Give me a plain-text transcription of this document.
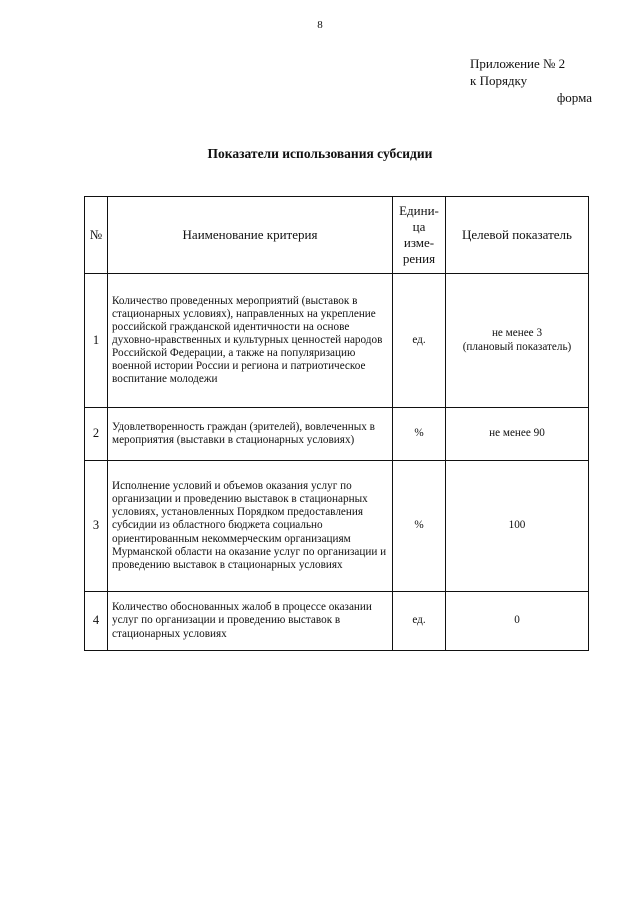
8
Приложение № 2
к Порядку
форма
Показатели использования субсидии
№	Наименование критерия	Едини-
ца
изме-
рения	Целевой показатель
1	Количество проведенных мероприятий (выставок в стационарных условиях), направленных на укрепление российской гражданской идентичности на основе духовно-нравственных и культурных ценностей народов Российской Федерации, а также на популяризацию военной истории России и региона и патриотическое воспитание молодежи	ед.	не менее 3
(плановый показатель)

2	Удовлетворенность граждан (зрителей), вовлеченных в мероприятия (выставки в стационарных условиях)	%	не менее 90
3	Исполнение условий и объемов оказания услуг по организации и проведению выставок в стационарных условиях, установленных Порядком предоставления субсидии из областного бюджета социально ориентированным некоммерческим организациям Мурманской области на оказание услуг по организации и проведению выставок в стационарных условиях	%	100
4	Количество обоснованных жалоб в процессе оказании услуг по организации и проведению выставок в стационарных условиях	ед.	0
